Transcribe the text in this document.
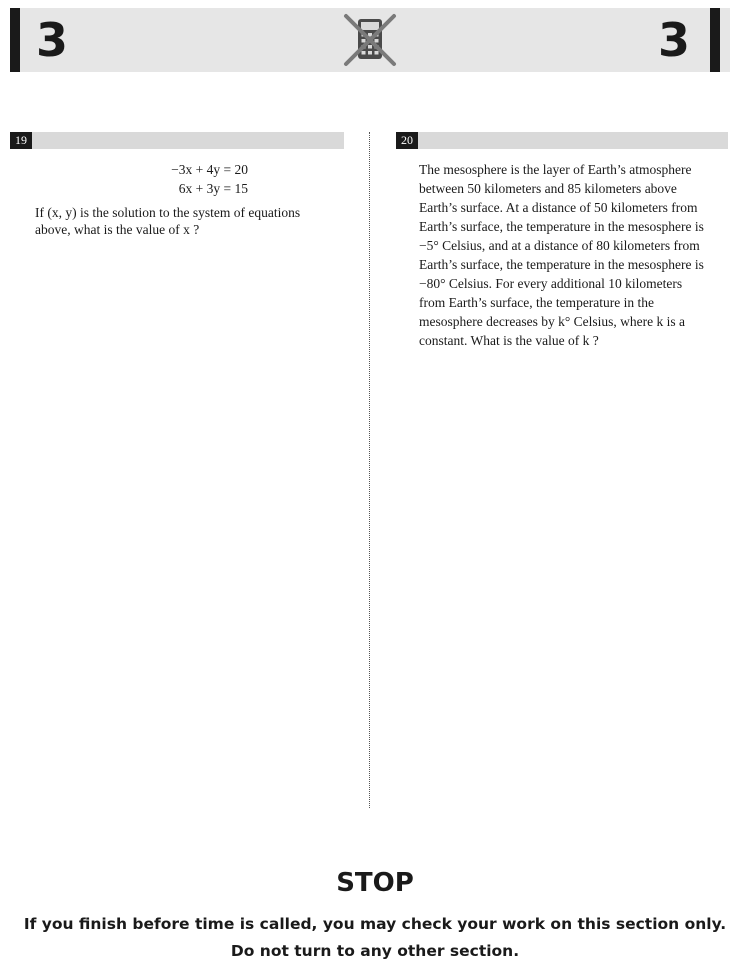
3	3
19
−3x + 4y = 20
6x + 3y = 15
If (x, y) is the solution to the system of equations
above, what is the value of x ?
20

The mesosphere is the layer of Earth’s atmosphere

between 50 kilometers and 85 kilometers above

Earth’s surface. At a distance of 50 kilometers from

Earth’s surface, the temperature in the mesosphere is

−5° Celsius, and at a distance of 80 kilometers from

Earth’s surface, the temperature in the mesosphere is

−80° Celsius. For every additional 10 kilometers

from Earth’s surface, the temperature in the

mesosphere decreases by k° Celsius, where k is a

constant. What is the value of k ?

STOP
If you finish before time is called, you may check your work on this section only.
Do not turn to any other section.
